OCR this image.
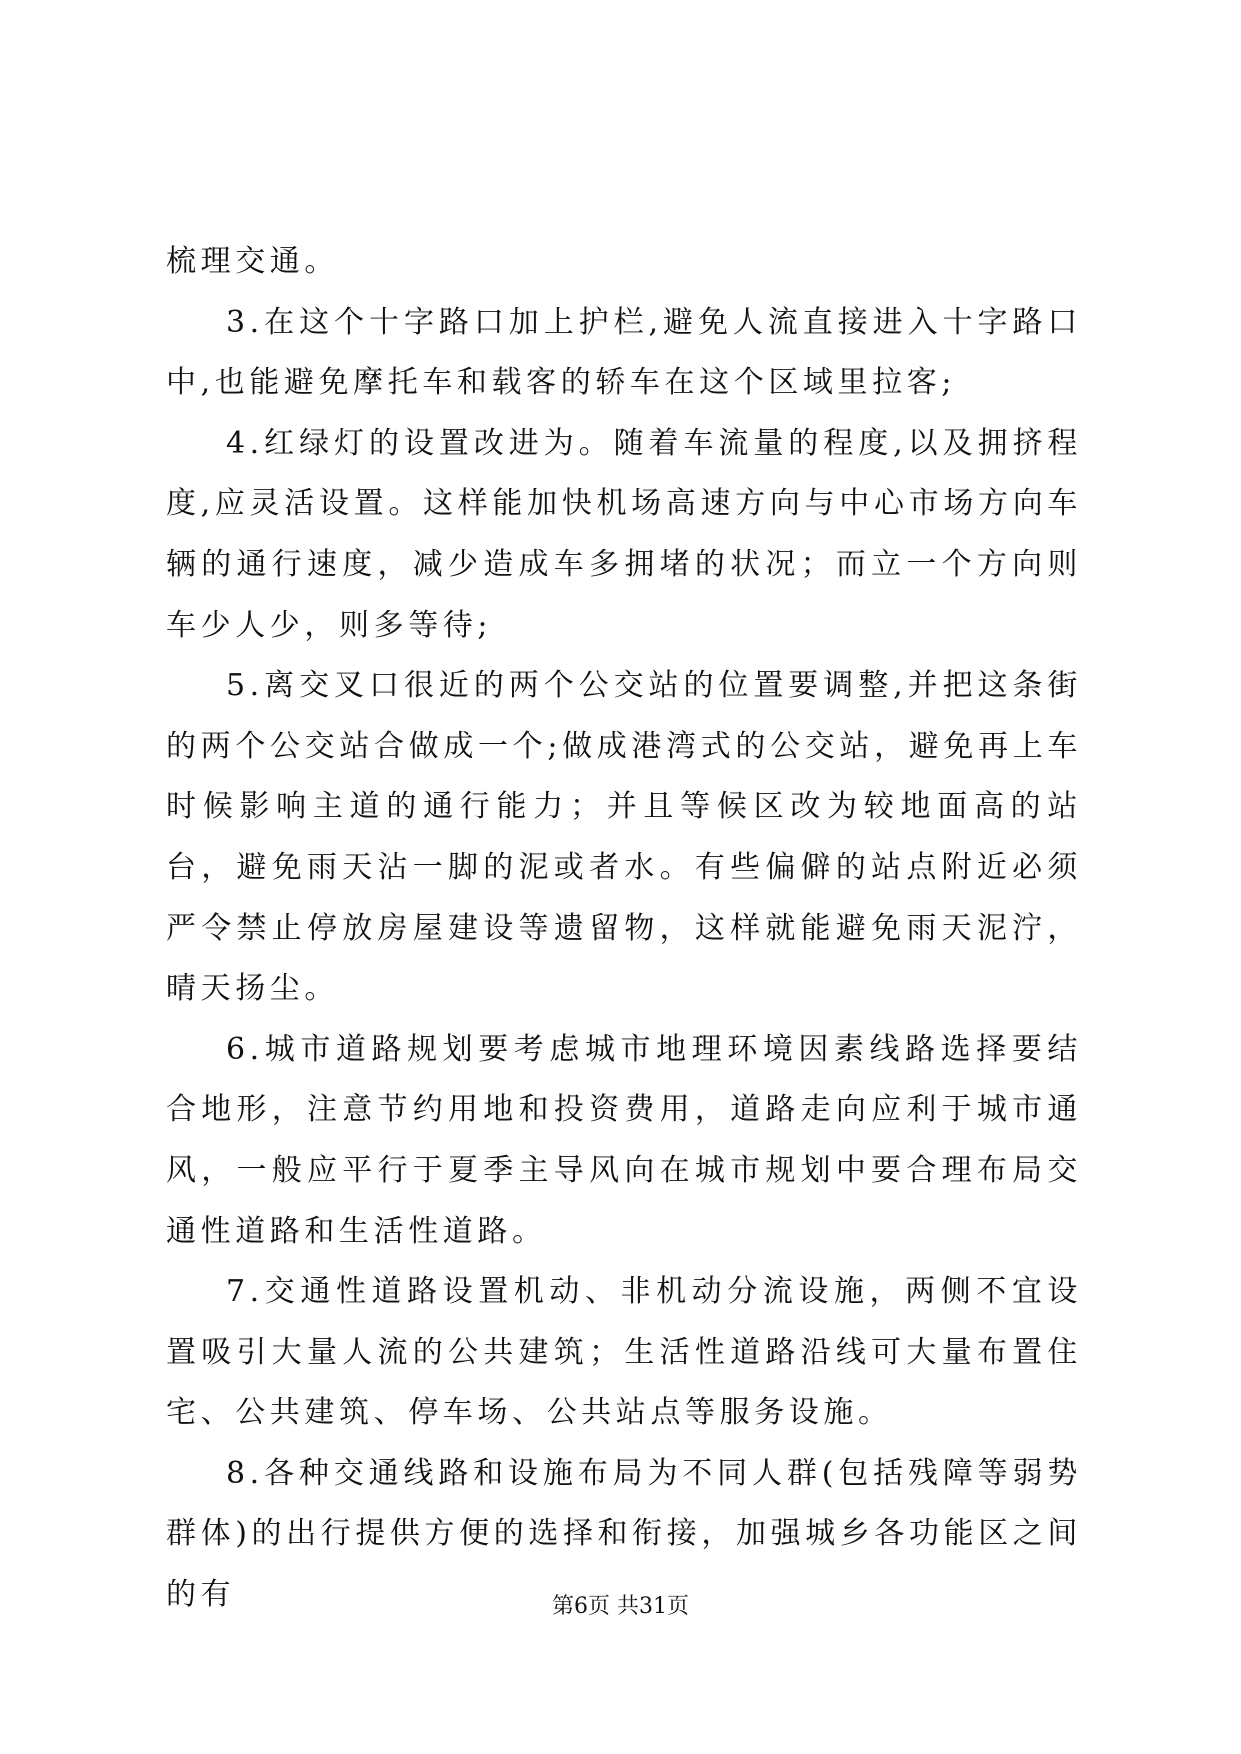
梳理交通。

3.在这个十字路口加上护栏,避免人流直接进入十字路口中,也能避免摩托车和载客的轿车在这个区域里拉客;

4.红绿灯的设置改进为。随着车流量的程度,以及拥挤程度,应灵活设置。这样能加快机场高速方向与中心市场方向车辆的通行速度，减少造成车多拥堵的状况；而立一个方向则车少人少，则多等待;

5.离交叉口很近的两个公交站的位置要调整,并把这条街的两个公交站合做成一个;做成港湾式的公交站，避免再上车时候影响主道的通行能力；并且等候区改为较地面高的站台，避免雨天沾一脚的泥或者水。有些偏僻的站点附近必须严令禁止停放房屋建设等遗留物，这样就能避免雨天泥泞，晴天扬尘。

6.城市道路规划要考虑城市地理环境因素线路选择要结合地形，注意节约用地和投资费用，道路走向应利于城市通风，一般应平行于夏季主导风向在城市规划中要合理布局交通性道路和生活性道路。

7.交通性道路设置机动、非机动分流设施，两侧不宜设置吸引大量人流的公共建筑；生活性道路沿线可大量布置住宅、公共建筑、停车场、公共站点等服务设施。

8.各种交通线路和设施布局为不同人群(包括残障等弱势群体)的出行提供方便的选择和衔接，加强城乡各功能区之间的有	第6页 共31页
